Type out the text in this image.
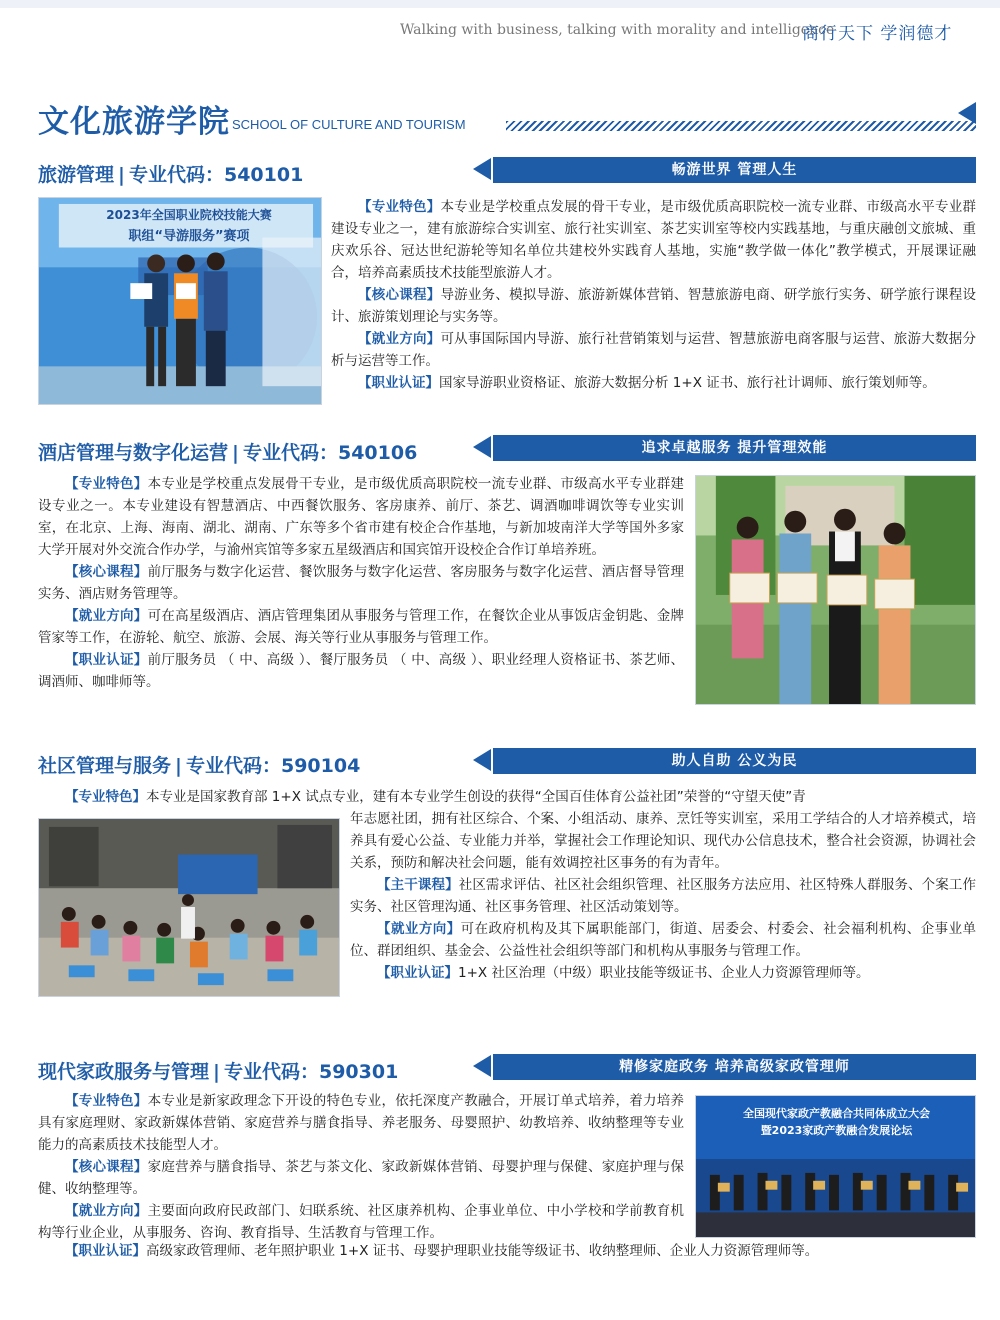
Walking with business, talking with morality and intelligence
商行天下 学润德才
文化旅游学院 SCHOOL OF CULTURE AND TOURISM
旅游管理 | 专业代码：540101	畅游世界 管理人生
2023年全国职业院校技能大赛
职组“导游服务”赛项

【专业特色】本专业是学校重点发展的骨干专业，是市级优质高职院校一流专业群、市级高水平专业群建设专业之一，建有旅游综合实训室、旅行社实训室、茶艺实训室等校内实践基地，与重庆融创文旅城、重庆欢乐谷、冠达世纪游轮等知名单位共建校外实践育人基地，实施“教学做一体化”教学模式，开展课证融合，培养高素质技术技能型旅游人才。

【核心课程】导游业务、模拟导游、旅游新媒体营销、智慧旅游电商、研学旅行实务、研学旅行课程设计、旅游策划理论与实务等。

【就业方向】可从事国际国内导游、旅行社营销策划与运营、智慧旅游电商客服与运营、旅游大数据分析与运营等工作。

【职业认证】国家导游职业资格证、旅游大数据分析 1+X 证书、旅行社计调师、旅行策划师等。

酒店管理与数字化运营 | 专业代码：540106	追求卓越服务 提升管理效能

【专业特色】本专业是学校重点发展骨干专业，是市级优质高职院校一流专业群、市级高水平专业群建设专业之一。本专业建设有智慧酒店、中西餐饮服务、客房康养、前厅、茶艺、调酒咖啡调饮等专业实训室，在北京、上海、海南、湖北、湖南、广东等多个省市建有校企合作基地，与新加坡南洋大学等国外多家大学开展对外交流合作办学，与渝州宾馆等多家五星级酒店和国宾馆开设校企合作订单培养班。

【核心课程】前厅服务与数字化运营、餐饮服务与数字化运营、客房服务与数字化运营、酒店督导管理实务、酒店财务管理等。

【就业方向】可在高星级酒店、酒店管理集团从事服务与管理工作，在餐饮企业从事饭店金钥匙、金牌管家等工作，在游轮、航空、旅游、会展、海关等行业从事服务与管理工作。

【职业认证】前厅服务员 （ 中、高级 ）、餐厅服务员 （ 中、高级 ）、职业经理人资格证书、茶艺师、调酒师、咖啡师等。

社区管理与服务 | 专业代码：590104	助人自助 公义为民

【专业特色】本专业是国家教育部 1+X 试点专业，建有本专业学生创设的获得“全国百佳体育公益社团”荣誉的“守望天使”青

年志愿社团，拥有社区综合、个案、小组活动、康养、烹饪等实训室，采用工学结合的人才培养模式，培养具有爱心公益、专业能力并举，掌握社会工作理论知识、现代办公信息技术，整合社会资源，协调社会关系，预防和解决社会问题，能有效调控社区事务的有为青年。

【主干课程】社区需求评估、社区社会组织管理、社区服务方法应用、社区特殊人群服务、个案工作实务、社区管理沟通、社区事务管理、社区活动策划等。

【就业方向】可在政府机构及其下属职能部门，街道、居委会、村委会、社会福利机构、企事业单位、群团组织、基金会、公益性社会组织等部门和机构从事服务与管理工作。

【职业认证】1+X 社区治理（中级）职业技能等级证书、企业人力资源管理师等。

现代家政服务与管理 | 专业代码：590301	精修家庭政务 培养高级家政管理师

【专业特色】本专业是新家政理念下开设的特色专业，依托深度产教融合，开展订单式培养，着力培养具有家庭理财、家政新媒体营销、家庭营养与膳食指导、养老服务、母婴照护、幼教培养、收纳整理等专业能力的高素质技术技能型人才。

【核心课程】家庭营养与膳食指导、茶艺与茶文化、家政新媒体营销、母婴护理与保健、家庭护理与保健、收纳整理等。

【就业方向】主要面向政府民政部门、妇联系统、社区康养机构、企事业单位、中小学校和学前教育机构等行业企业，从事服务、咨询、教育指导、生活教育与管理工作。

【职业认证】高级家政管理师、老年照护职业 1+X 证书、母婴护理职业技能等级证书、收纳整理师、企业人力资源管理师等。

全国现代家政产教融合共同体成立大会
暨2023家政产教融合发展论坛
